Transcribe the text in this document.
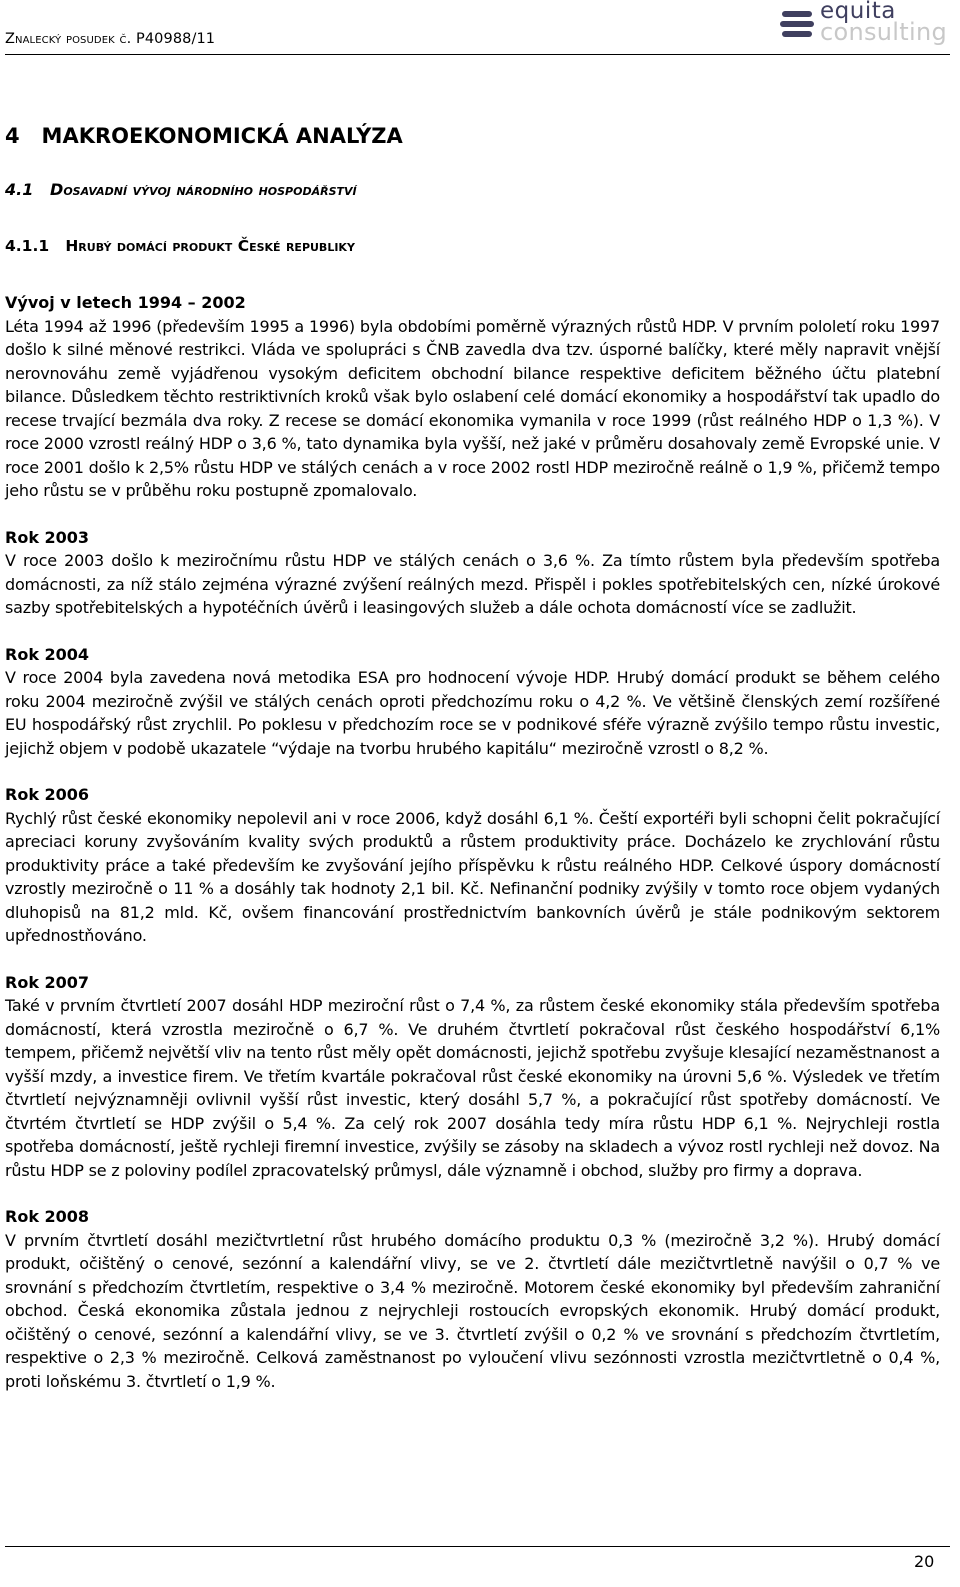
Znalecký posudek č. P40988/11
equita
consulting
4   MAKROEKONOMICKÁ ANALÝZA
4.1   Dosavadní vývoj národního hospodářství
4.1.1   Hrubý domácí produkt České republiky

Vývoj v letech 1994 – 2002

Léta 1994 až 1996 (především 1995 a 1996) byla obdobími poměrně výrazných růstů HDP. V prvním pololetí roku 1997 došlo k silné měnové restrikci. Vláda ve spolupráci s ČNB zavedla dva tzv. úsporné balíčky, které měly napravit vnější nerovnováhu země vyjádřenou vysokým deficitem obchodní bilance respektive deficitem běžného účtu platební bilance. Důsledkem těchto restriktivních kroků však bylo oslabení celé domácí ekonomiky a hospodářství tak upadlo do recese trvající bezmála dva roky. Z recese se domácí ekonomika vymanila v roce 1999 (růst reálného HDP o 1,3 %). V roce 2000 vzrostl reálný HDP o 3,6 %, tato dynamika byla vyšší, než jaké v průměru dosahovaly země Evropské unie. V roce 2001 došlo k 2,5% růstu HDP ve stálých cenách a v roce 2002 rostl HDP meziročně reálně o 1,9 %, přičemž tempo jeho růstu se v průběhu roku postupně zpomalovalo.

Rok 2003

V roce 2003 došlo k meziročnímu růstu HDP ve stálých cenách o 3,6 %. Za tímto růstem byla především spotřeba domácnosti, za níž stálo zejména výrazné zvýšení reálných mezd. Přispěl i pokles spotřebitelských cen, nízké úrokové sazby spotřebitelských a hypotéčních úvěrů i leasingových služeb a dále ochota domácností více se zadlužit.

Rok 2004

V roce 2004 byla zavedena nová metodika ESA pro hodnocení vývoje HDP. Hrubý domácí produkt se během celého roku 2004 meziročně zvýšil ve stálých cenách oproti předchozímu roku o 4,2 %. Ve většině členských zemí rozšířené EU hospodářský růst zrychlil. Po poklesu v předchozím roce se v podnikové sféře výrazně zvýšilo tempo růstu investic, jejichž objem v podobě ukazatele “výdaje na tvorbu hrubého kapitálu“ meziročně vzrostl o 8,2 %.

Rok 2006

Rychlý růst české ekonomiky nepolevil ani v roce 2006, když dosáhl 6,1 %. Čeští exportéři byli schopni čelit pokračující apreciaci koruny zvyšováním kvality svých produktů a růstem produktivity práce. Docházelo ke zrychlování růstu produktivity práce a také především ke zvyšování jejího příspěvku k růstu reálného HDP. Celkové úspory domácností vzrostly meziročně o 11 % a dosáhly tak hodnoty 2,1 bil. Kč. Nefinanční podniky zvýšily v tomto roce objem vydaných dluhopisů na 81,2 mld. Kč, ovšem financování prostřednictvím bankovních úvěrů je stále podnikovým sektorem upřednostňováno.

Rok 2007

Také v prvním čtvrtletí 2007 dosáhl HDP meziroční růst o 7,4 %, za růstem české ekonomiky stála především spotřeba domácností, která vzrostla meziročně o 6,7 %. Ve druhém čtvrtletí pokračoval růst českého hospodářství 6,1% tempem, přičemž největší vliv na tento růst měly opět domácnosti, jejichž spotřebu zvyšuje klesající nezaměstnanost a vyšší mzdy, a investice firem. Ve třetím kvartále pokračoval růst české ekonomiky na úrovni 5,6 %. Výsledek ve třetím čtvrtletí nejvýznamněji ovlivnil vyšší růst investic, který dosáhl 5,7 %, a pokračující růst spotřeby domácností. Ve čtvrtém čtvrtletí se HDP zvýšil o 5,4 %. Za celý rok 2007 dosáhla tedy míra růstu HDP 6,1 %. Nejrychleji rostla spotřeba domácností, ještě rychleji firemní investice, zvýšily se zásoby na skladech a vývoz rostl rychleji než dovoz. Na růstu HDP se z poloviny podílel zpracovatelský průmysl, dále významně i obchod, služby pro firmy a doprava.

Rok 2008

V prvním čtvrtletí dosáhl mezičtvrtletní růst hrubého domácího produktu 0,3 % (meziročně 3,2 %). Hrubý domácí produkt, očištěný o cenové, sezónní a kalendářní vlivy, se ve 2. čtvrtletí dále mezičtvrtletně navýšil o 0,7 % ve srovnání s předchozím čtvrtletím, respektive o 3,4 % meziročně. Motorem české ekonomiky byl především zahraniční obchod. Česká ekonomika zůstala jednou z nejrychleji rostoucích evropských ekonomik. Hrubý domácí produkt, očištěný o cenové, sezónní a kalendářní vlivy, se ve 3. čtvrtletí zvýšil o 0,2 % ve srovnání s předchozím čtvrtletím, respektive o 2,3 % meziročně. Celková zaměstnanost po vyloučení vlivu sezónnosti vzrostla mezičtvrtletně o 0,4 %, proti loňskému 3. čtvrtletí o 1,9 %.

20
